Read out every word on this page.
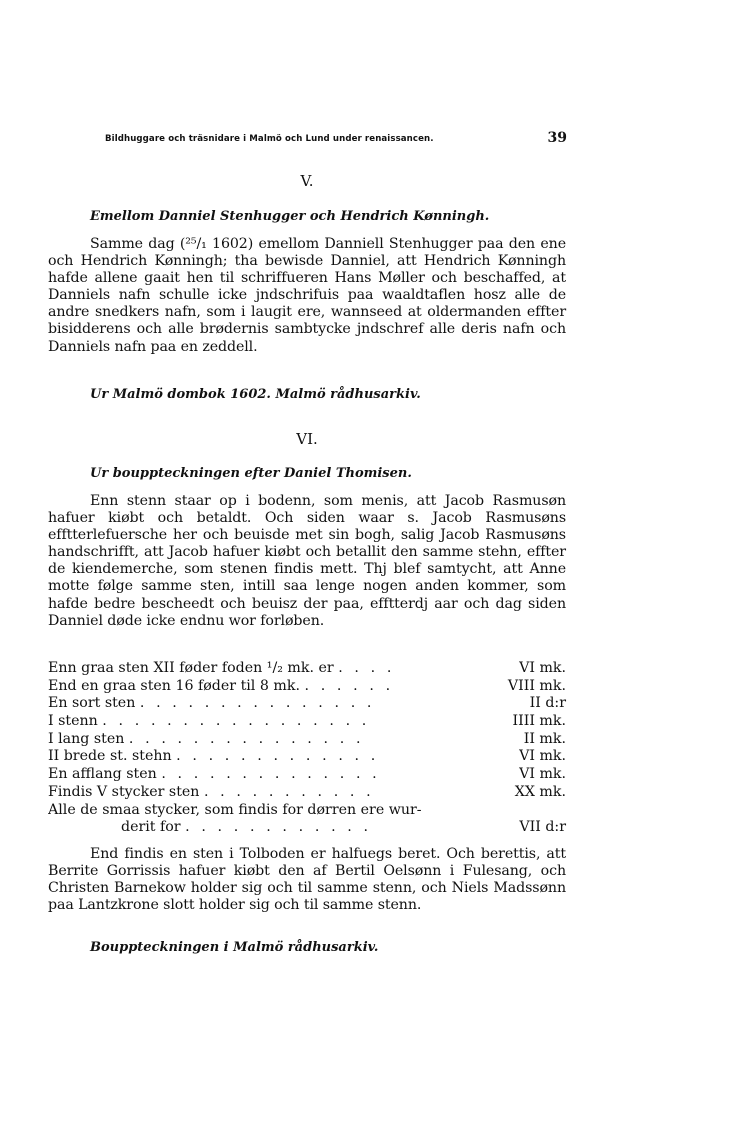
Bildhuggare och träsnidare i Malmö och Lund under renaissancen.	39
V.
Emellom Danniel Stenhugger och Hendrich Kønningh.
Samme dag (²⁵/₁ 1602) emellom Danniell Stenhugger paa den ene och Hendrich Kønningh; tha bewisde Danniel, att Hendrich Kønningh hafde allene gaait hen til schriffueren Hans Møller och beschaffed, at Danniels nafn schulle icke jndschrifuis paa waaldtaflen hosz alle de andre snedkers nafn, som i laugit ere, wannseed at oldermanden effter bisidderens och alle brødernis sambtycke jndschref alle deris nafn och Danniels nafn paa en zeddell.
Ur Malmö dombok 1602. Malmö rådhusarkiv.
VI.
Ur bouppteckningen efter Daniel Thomisen.
Enn stenn staar op i bodenn, som menis, att Jacob Rasmusøn hafuer kiøbt och betaldt. Och siden waar s. Jacob Rasmusøns efftterlefuersche her och beuisde met sin bogh, salig Jacob Rasmusøns handschrifft, att Jacob hafuer kiøbt och betallit den samme stehn, effter de kiendemerche, som stenen findis mett. Thj blef samtycht, att Anne motte følge samme sten, intill saa lenge nogen anden kommer, som hafde bedre bescheedt och beuisz der paa, efftterdj aar och dag siden Danniel døde icke endnu wor forløben.
Enn graa sten XII føder foden ¹/₂ mk. er . . . .	VI mk.
End en graa sten 16 føder til 8 mk. . . . . . .	VIII mk.
En sort sten . . . . . . . . . . . . . . .	II d:r
I stenn . . . . . . . . . . . . . . . . .	IIII mk.
I lang sten . . . . . . . . . . . . . . .	II mk.
II brede st. stehn . . . . . . . . . . . . .	VI mk.
En afflang sten . . . . . . . . . . . . . .	VI mk.
Findis V stycker sten . . . . . . . . . . .	XX mk.
Alle de smaa stycker, som findis for dørren ere wur-
derit for . . . . . . . . . . . .	VII d:r
End findis en sten i Tolboden er halfuegs beret. Och berettis, att Berrite Gorrissis hafuer kiøbt den af Bertil Oelsønn i Fulesang, och Christen Barnekow holder sig och til samme stenn, och Niels Madssønn paa Lantzkrone slott holder sig och til samme stenn.
Bouppteckningen i Malmö rådhusarkiv.
